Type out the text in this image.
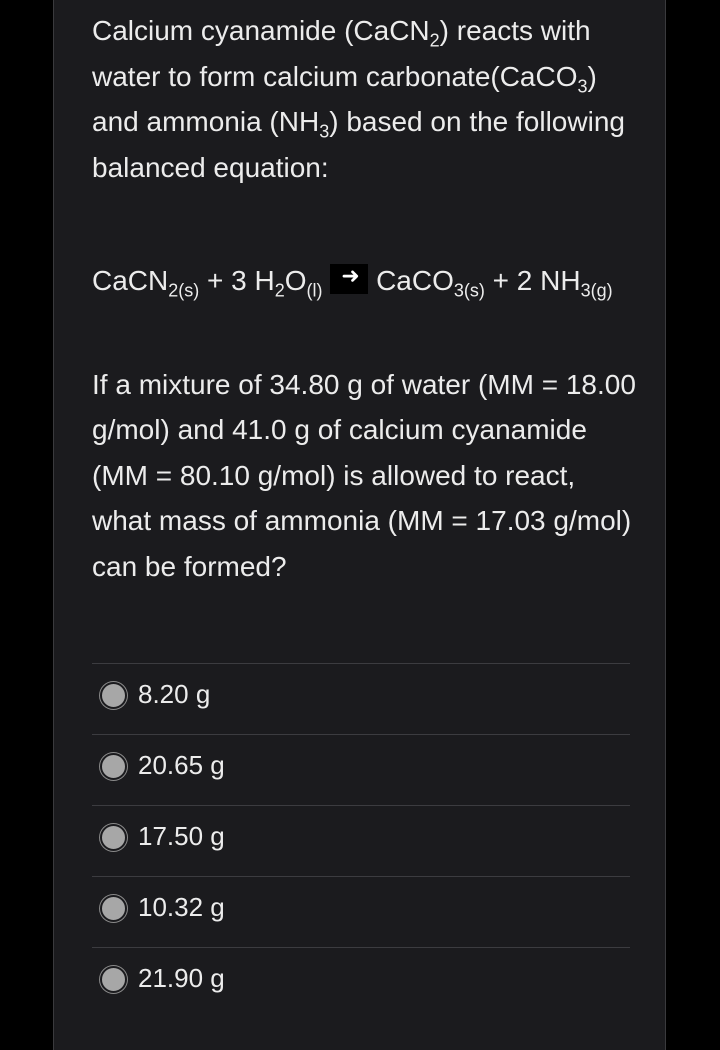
Calcium cyanamide (CaCN$_2$) reacts with water to form calcium carbonate(CaCO$_3$) and ammonia $(NH_3)$ based on the following balanced equation:

CaCN$_{2(s)}$ + 3 $H_2O_{(l)}$
➜ CaCO$_{3(s)}$ + 2 $NH_{3(g)}$

If a mixture of 34.80 g of water (MM = 18.00 g/mol) and 41.0 g of calcium cyanamide (MM = 80.10 g/mol) is allowed to react, what mass of ammonia (MM = 17.03 g/mol) can be formed?

8.20 g
20.65 g
17.50 g
10.32 g
21.90 g
